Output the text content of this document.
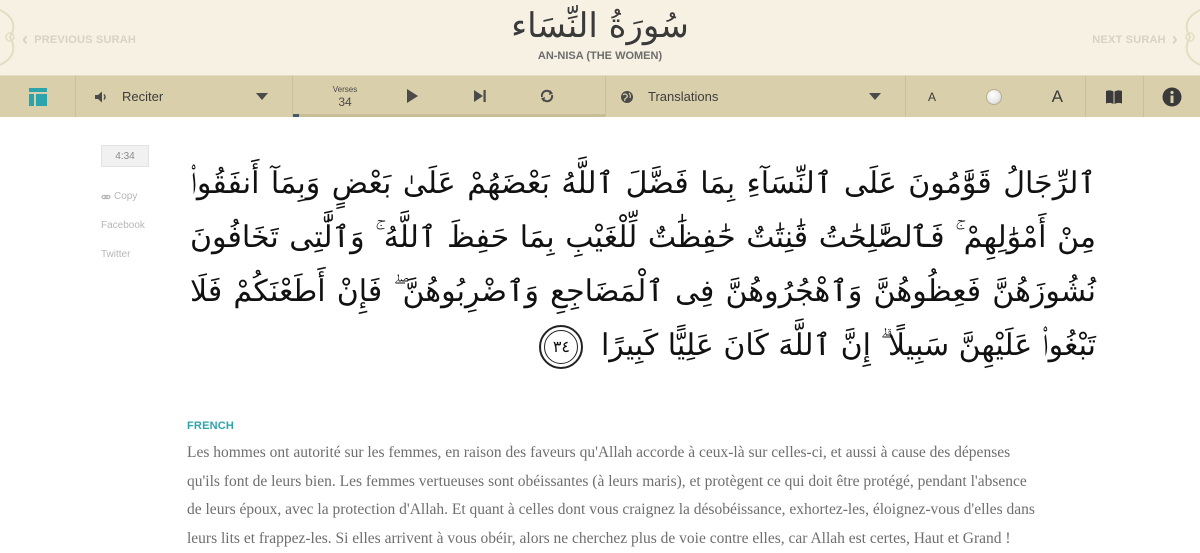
‹ PREVIOUS SURAH	سُورَةُ النِّسَاء
AN-NISA (THE WOMEN)
NEXT SURAH ›
Reciter	Verses
34	Translations	A	A
4:34
Copy
Facebook
Twitter
ٱلرِّجَالُ قَوَّٰمُونَ عَلَى ٱلنِّسَآءِ بِمَا فَضَّلَ ٱللَّهُ بَعْضَهُمْ عَلَىٰ بَعْضٍ وَبِمَآ أَنفَقُوا۟ مِنْ أَمْوَٰلِهِمْ ۚ فَٱلصَّٰلِحَٰتُ قَٰنِتَٰتٌ حَٰفِظَٰتٌ لِّلْغَيْبِ بِمَا حَفِظَ ٱللَّهُ ۚ وَٱلَّٰتِى تَخَافُونَ نُشُوزَهُنَّ فَعِظُوهُنَّ وَٱهْجُرُوهُنَّ فِى ٱلْمَضَاجِعِ وَٱضْرِبُوهُنَّ ۖ فَإِنْ أَطَعْنَكُمْ فَلَا تَبْغُوا۟ عَلَيْهِنَّ سَبِيلًا ۗ إِنَّ ٱللَّهَ كَانَ عَلِيًّا كَبِيرًا ٣٤
FRENCH
Les hommes ont autorité sur les femmes, en raison des faveurs qu'Allah accorde à ceux-là sur celles-ci, et aussi à cause des dépenses qu'ils font de leurs bien. Les femmes vertueuses sont obéissantes (à leurs maris), et protègent ce qui doit être protégé, pendant l'absence de leurs époux, avec la protection d'Allah. Et quant à celles dont vous craignez la désobéissance, exhortez-les, éloignez-vous d'elles dans leurs lits et frappez-les. Si elles arrivent à vous obéir, alors ne cherchez plus de voie contre elles, car Allah est certes, Haut et Grand !
